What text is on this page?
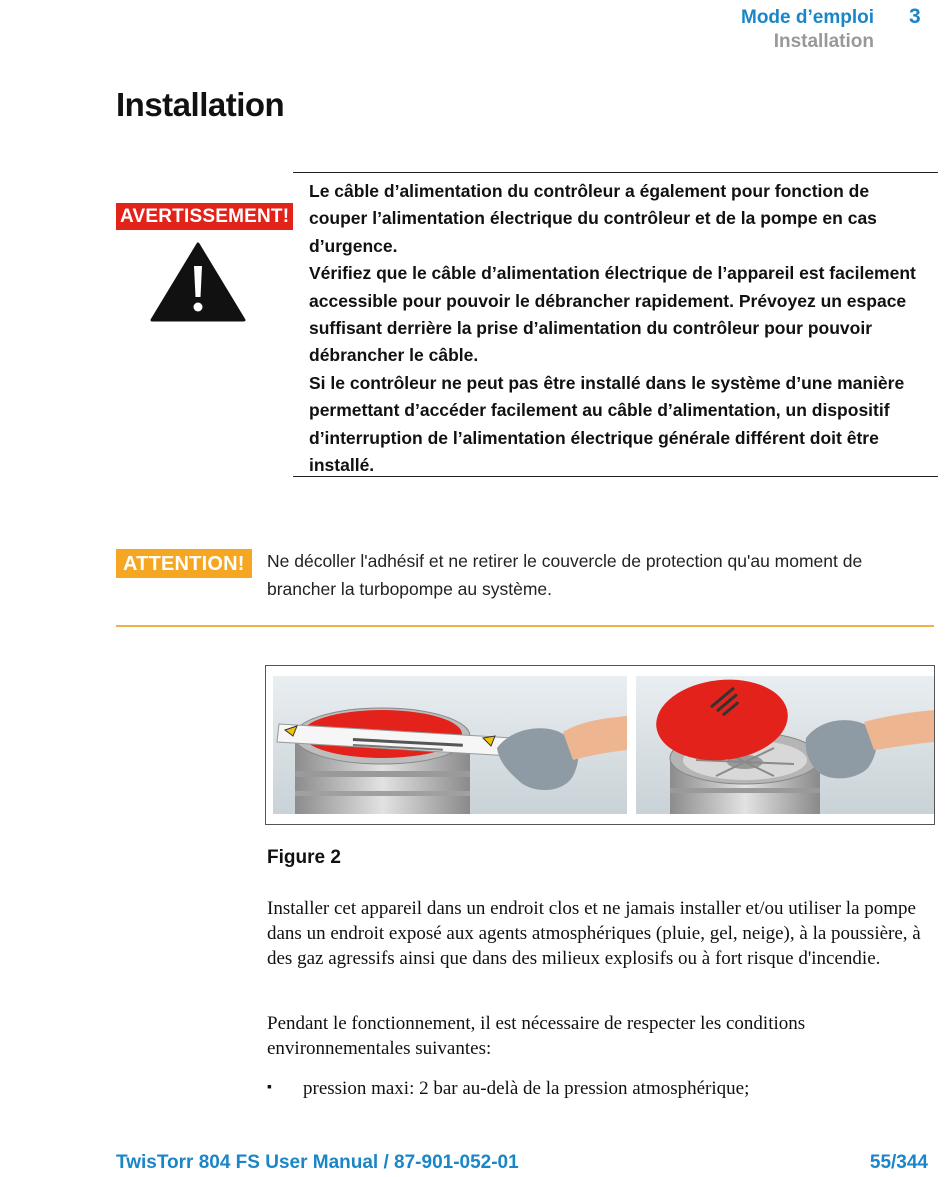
Mode d’emploi 3
Installation
Installation
AVERTISSEMENT!

Le câble d’alimentation du contrôleur a également pour fonction de couper l’alimentation électrique du contrôleur et de la pompe en cas d’urgence.

Vérifiez que le câble d’alimentation électrique de l’appareil est facilement accessible pour pouvoir le débrancher rapidement. Prévoyez un espace suffisant derrière la prise d’alimentation du contrôleur pour pouvoir débrancher le câble.

Si le contrôleur ne peut pas être installé dans le système d’une manière permettant d’accéder facilement au câble d’alimentation, un dispositif d’interruption de l’alimentation électrique générale différent doit être installé.

ATTENTION!	Ne décoller l'adhésif et ne retirer le couvercle de protection qu'au moment de brancher la turbopompe au système.
Figure 2
Installer cet appareil dans un endroit clos et ne jamais installer et/ou utiliser la pompe dans un endroit exposé aux agents atmosphériques (pluie, gel, neige), à la poussière, à des gaz agressifs ainsi que dans des milieux explosifs ou à fort risque d'incendie.
Pendant le fonctionnement, il est nécessaire de respecter les conditions environnementales suivantes:
▪ pression maxi: 2 bar au-delà de la pression atmosphérique;
TwisTorr 804 FS User Manual / 87-901-052-01	55/344
